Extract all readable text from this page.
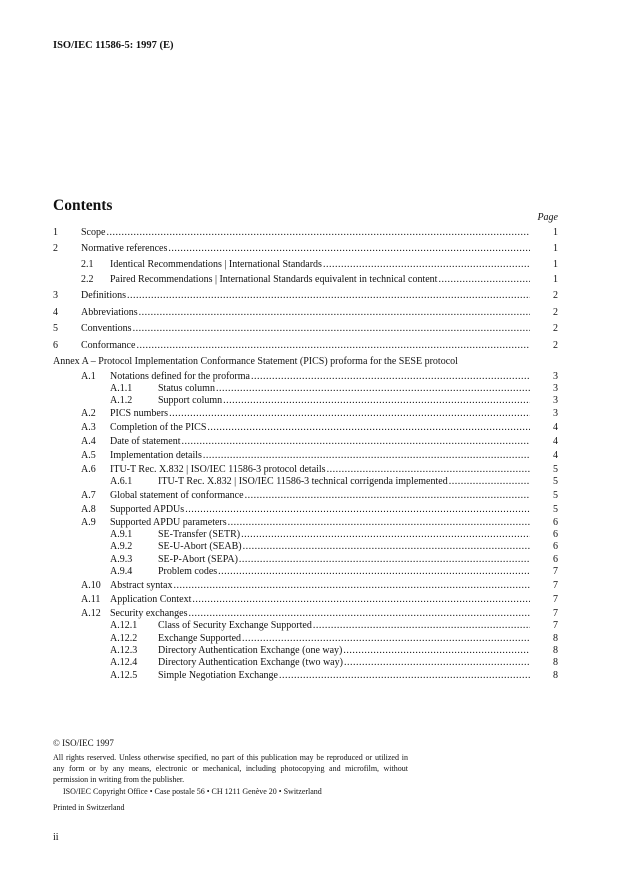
ISO/IEC 11586-5: 1997 (E)
Contents
Page
1 Scope .....	1
2 Normative references .....	1
2.1 Identical Recommendations | International Standards .....	1
2.2 Paired Recommendations | International Standards equivalent in technical content .....	1
3 Definitions .....	2
4 Abbreviations .....	2
5 Conventions .....	2
6 Conformance .....	2
Annex A – Protocol Implementation Conformance Statement (PICS) proforma for the SESE protocol
A.1 Notations defined for the proforma .....	3
A.1.1	Status column .....	3
A.1.2	Support column .....	3
A.2 PICS numbers .....	3
A.3 Completion of the PICS .....	4
A.4 Date of statement .....	4
A.5 Implementation details .....	4
A.6 ITU-T Rec. X.832 | ISO/IEC 11586-3 protocol details .....	5
A.6.1	ITU-T Rec. X.832 | ISO/IEC 11586-3 technical corrigenda implemented .....	5
A.7 Global statement of conformance .....	5
A.8 Supported APDUs .....	5
A.9 Supported APDU parameters .....	6
A.9.1	SE-Transfer (SETR) .....	6
A.9.2	SE-U-Abort (SEAB) .....	6
A.9.3	SE-P-Abort (SEPA) .....	6
A.9.4	Problem codes .....	7
A.10 Abstract syntax .....	7
A.11 Application Context .....	7
A.12 Security exchanges .....	7
A.12.1 Class of Security Exchange Supported .....	7
A.12.2 Exchange Supported .....	8
A.12.3 Directory Authentication Exchange (one way) .....	8
A.12.4 Directory Authentication Exchange (two way) .....	8
A.12.5 Simple Negotiation Exchange .....	8
© ISO/IEC 1997
All rights reserved. Unless otherwise specified, no part of this publication may be reproduced or utilized in any form or by any means, electronic or mechanical, including photocopying and microfilm, without permission in writing from the publisher.
ISO/IEC Copyright Office • Case postale 56 • CH 1211 Genève 20 • Switzerland
Printed in Switzerland
ii
